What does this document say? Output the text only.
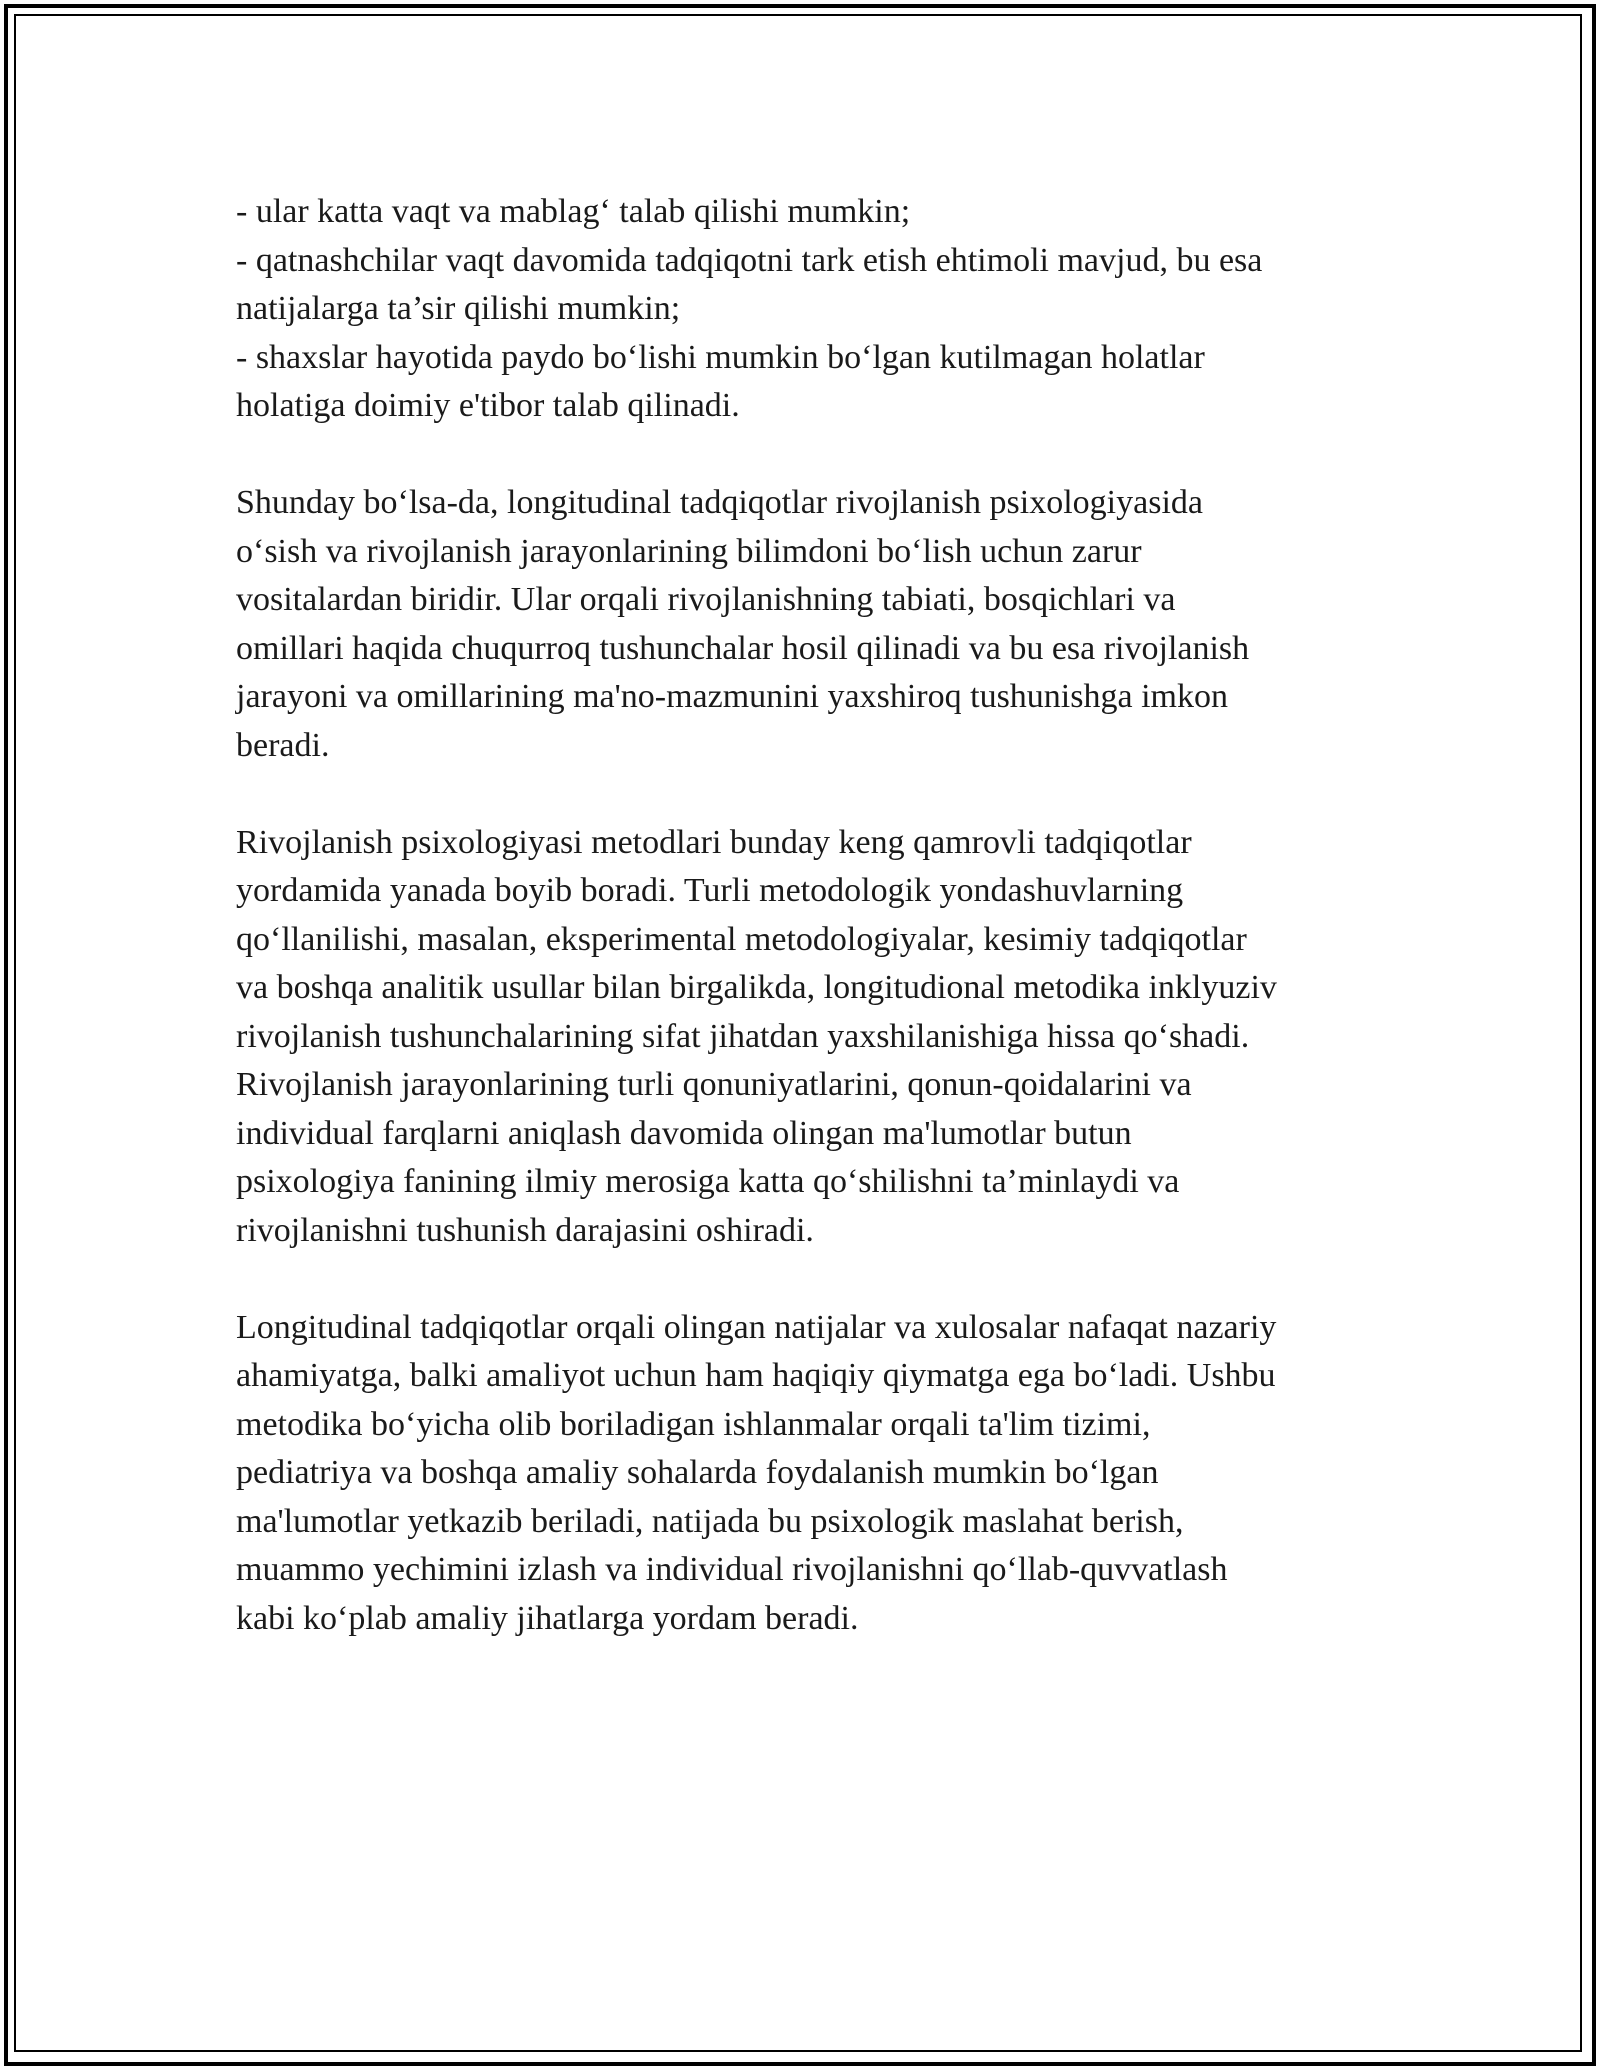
- ular katta vaqt va mablag‘ talab qilishi mumkin;
- qatnashchilar vaqt davomida tadqiqotni tark etish ehtimoli mavjud, bu esa
natijalarga ta’sir qilishi mumkin;
- shaxslar hayotida paydo bo‘lishi mumkin bo‘lgan kutilmagan holatlar
holatiga doimiy e'tibor talab qilinadi.
Shunday bo‘lsa-da, longitudinal tadqiqotlar rivojlanish psixologiyasida
o‘sish va rivojlanish jarayonlarining bilimdoni bo‘lish uchun zarur
vositalardan biridir. Ular orqali rivojlanishning tabiati, bosqichlari va
omillari haqida chuqurroq tushunchalar hosil qilinadi va bu esa rivojlanish
jarayoni va omillarining ma'no-mazmunini yaxshiroq tushunishga imkon
beradi.
Rivojlanish psixologiyasi metodlari bunday keng qamrovli tadqiqotlar
yordamida yanada boyib boradi. Turli metodologik yondashuvlarning
qo‘llanilishi, masalan, eksperimental metodologiyalar, kesimiy tadqiqotlar
va boshqa analitik usullar bilan birgalikda, longitudional metodika inklyuziv
rivojlanish tushunchalarining sifat jihatdan yaxshilanishiga hissa qo‘shadi.
Rivojlanish jarayonlarining turli qonuniyatlarini, qonun-qoidalarini va
individual farqlarni aniqlash davomida olingan ma'lumotlar butun
psixologiya fanining ilmiy merosiga katta qo‘shilishni ta’minlaydi va
rivojlanishni tushunish darajasini oshiradi.
Longitudinal tadqiqotlar orqali olingan natijalar va xulosalar nafaqat nazariy
ahamiyatga, balki amaliyot uchun ham haqiqiy qiymatga ega bo‘ladi. Ushbu
metodika bo‘yicha olib boriladigan ishlanmalar orqali ta'lim tizimi,
pediatriya va boshqa amaliy sohalarda foydalanish mumkin bo‘lgan
ma'lumotlar yetkazib beriladi, natijada bu psixologik maslahat berish,
muammo yechimini izlash va individual rivojlanishni qo‘llab-quvvatlash
kabi ko‘plab amaliy jihatlarga yordam beradi.
